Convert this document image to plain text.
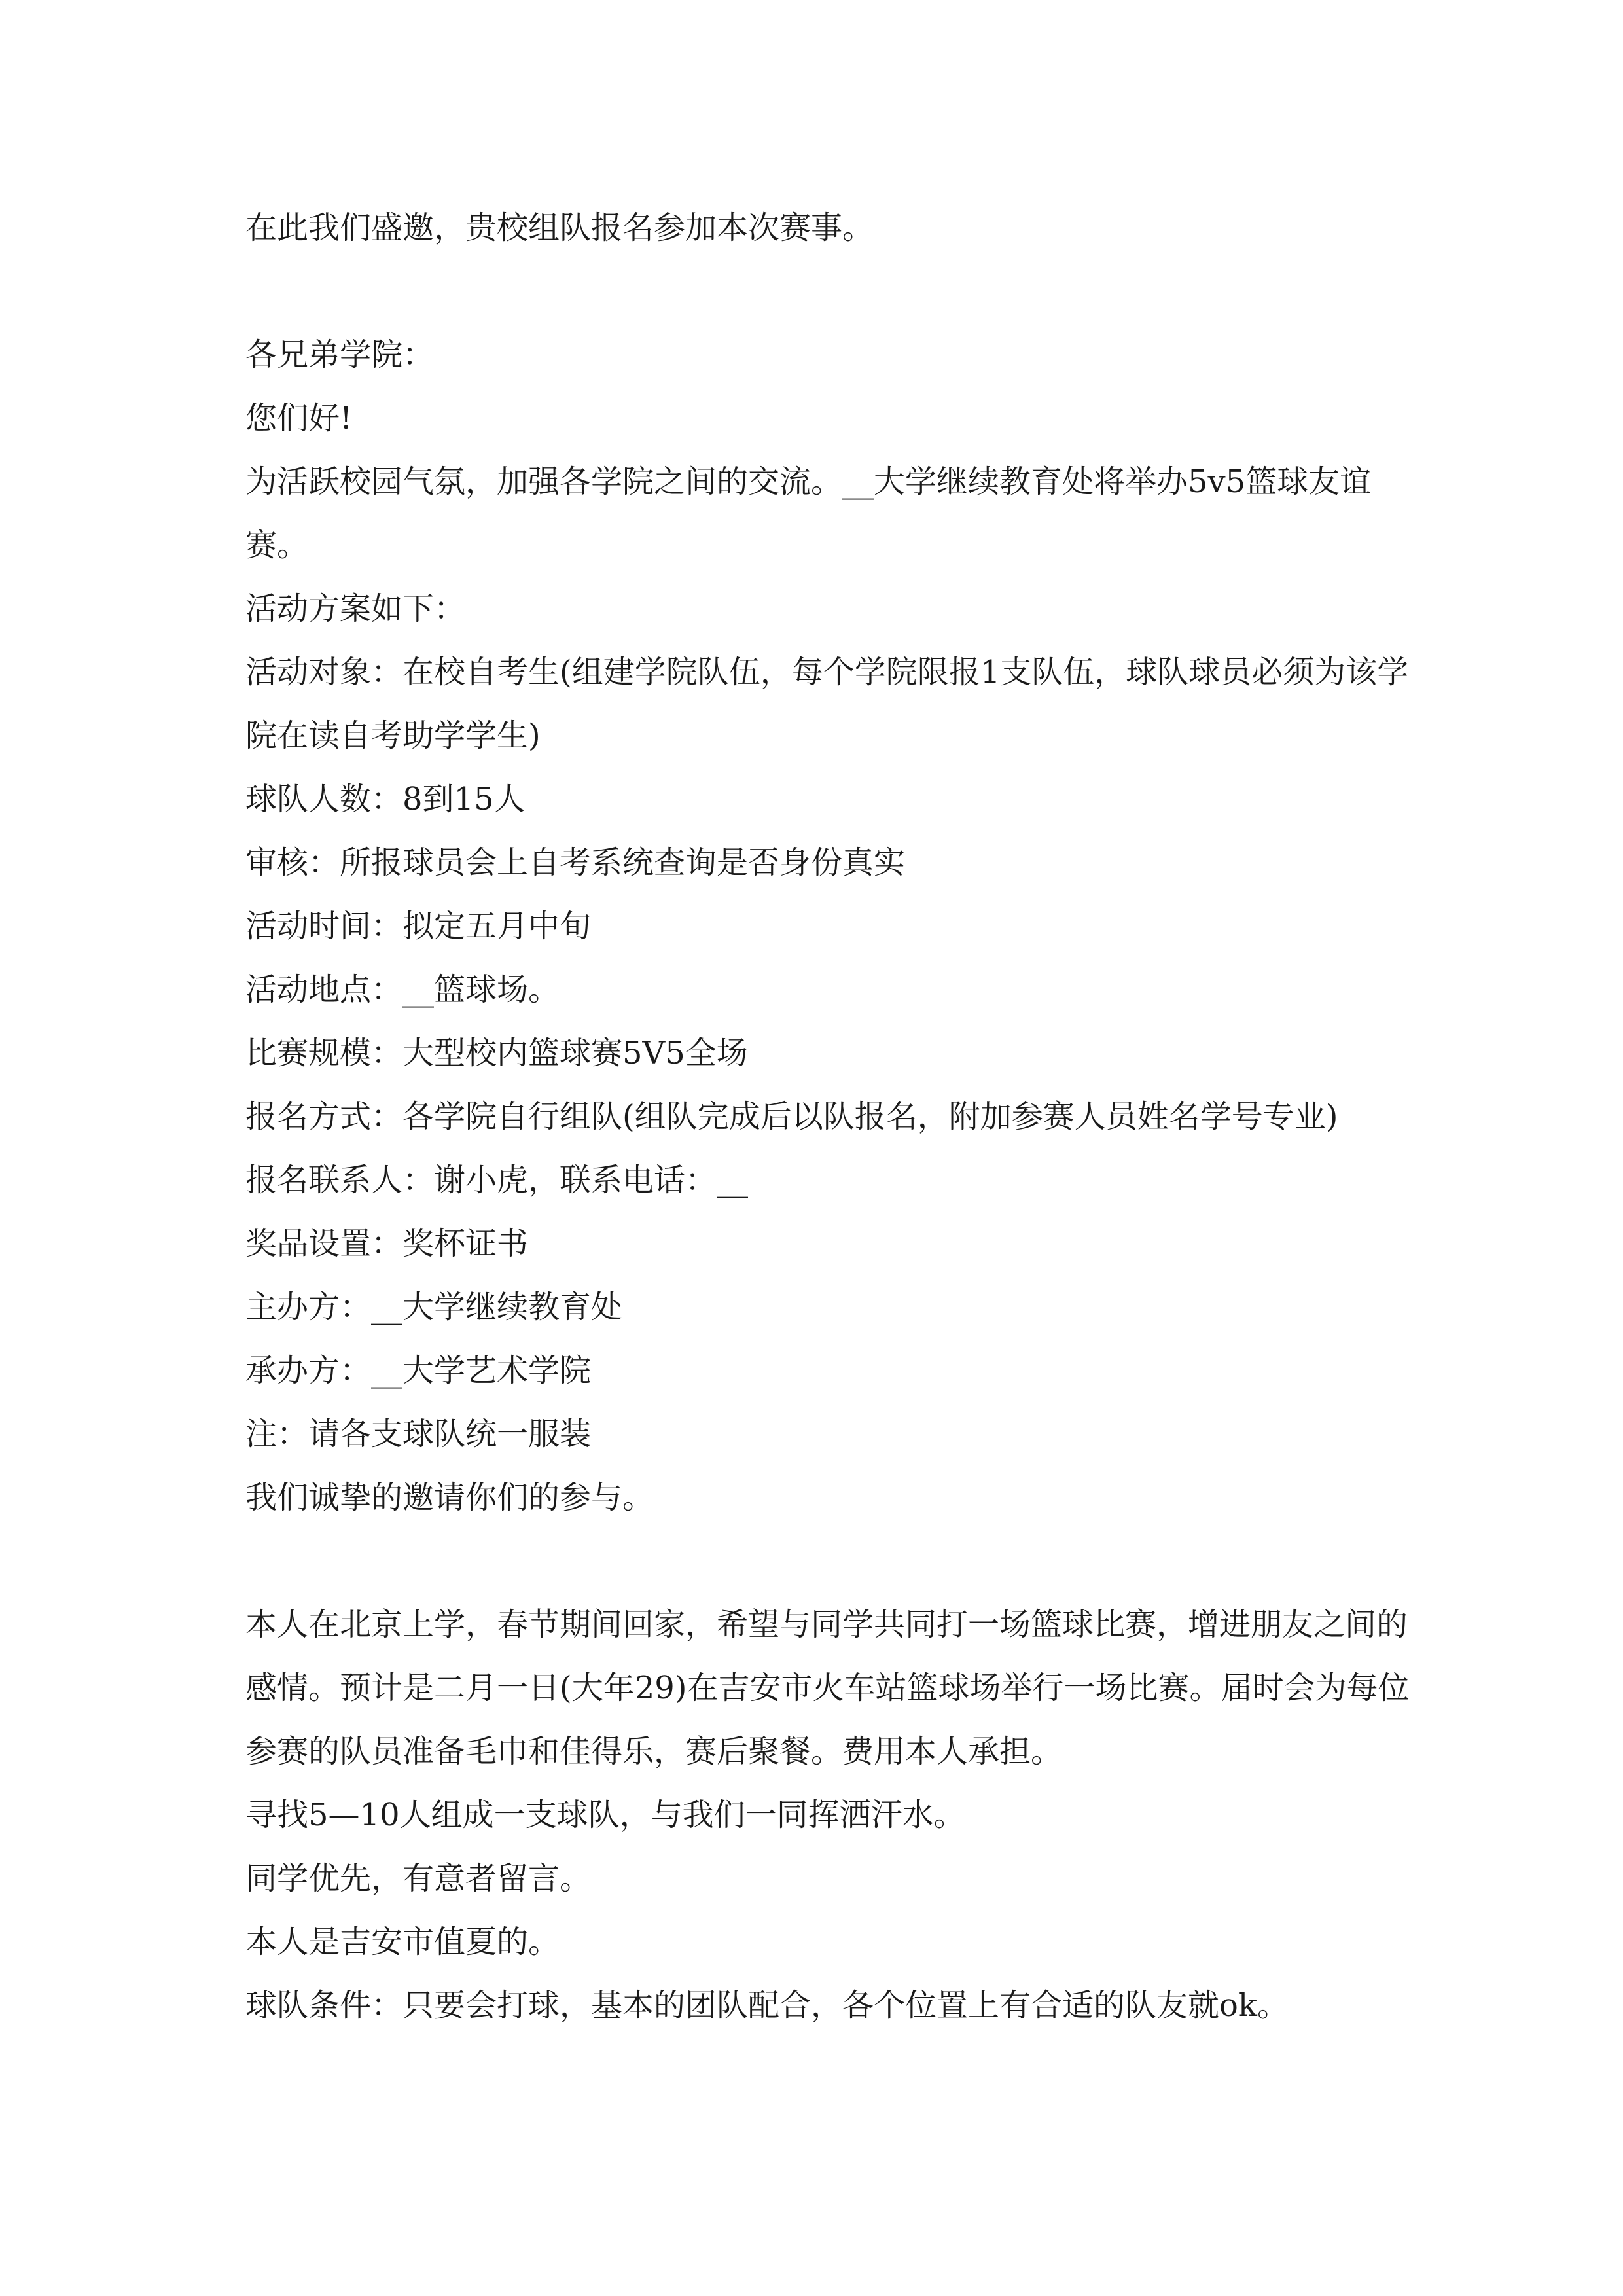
在此我们盛邀，贵校组队报名参加本次赛事。

各兄弟学院：

您们好!

为活跃校园气氛，加强各学院之间的交流。__大学继续教育处将举办5v5篮球友谊赛。

活动方案如下：

活动对象：在校自考生(组建学院队伍，每个学院限报1支队伍，球队球员必须为该学院在读自考助学学生)

球队人数：8到15人

审核：所报球员会上自考系统查询是否身份真实

活动时间：拟定五月中旬

活动地点：__篮球场。

比赛规模：大型校内篮球赛5V5全场

报名方式：各学院自行组队(组队完成后以队报名，附加参赛人员姓名学号专业)

报名联系人：谢小虎，联系电话：__

奖品设置：奖杯证书

主办方：__大学继续教育处

承办方：__大学艺术学院

注：请各支球队统一服装

我们诚挚的邀请你们的参与。

本人在北京上学，春节期间回家，希望与同学共同打一场篮球比赛，增进朋友之间的感情。预计是二月一日(大年29)在吉安市火车站篮球场举行一场比赛。届时会为每位参赛的队员准备毛巾和佳得乐，赛后聚餐。费用本人承担。

寻找5—10人组成一支球队，与我们一同挥洒汗水。

同学优先，有意者留言。

本人是吉安市值夏的。

球队条件：只要会打球，基本的团队配合，各个位置上有合适的队友就ok。
